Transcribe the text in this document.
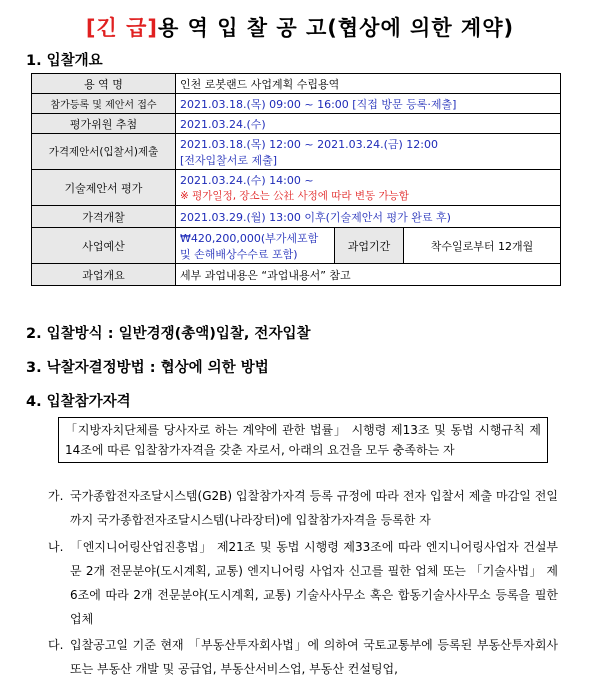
[긴 급]용 역 입 찰 공 고(협상에 의한 계약)
1. 입찰개요
용 역 명	인천 로봇랜드 사업계획 수립용역		
참가등록 및 제안서 접수	2021.03.18.(목) 09:00 ~ 16:00 [직접 방문 등록·제출]		
평가위원 추첨	2021.03.24.(수)		
가격제안서(입찰서)제출	2021.03.18.(목) 12:00 ~ 2021.03.24.(금) 12:00
[전자입찰서로 제출]		

기술제안서 평가	2021.03.24.(수) 14:00 ~
※ 평가일정, 장소는 公社 사정에 따라 변동 가능함		

가격개찰	2021.03.29.(월) 13:00 이후(기술제안서 평가 완료 후)		
사업예산	₩420,200,000(부가세포함
및 손해배상수수료 포함)	과업기간	착수일로부터 12개월
과업개요	세부 과업내용은 “과업내용서” 참고		
2. 입찰방식 : 일반경쟁(총액)입찰, 전자입찰
3. 낙찰자결정방법 : 협상에 의한 방법
4. 입찰참가자격
「지방자치단체를 당사자로 하는 계약에 관한 법률」 시행령 제13조 및 동법 시행규칙 제14조에 따른 입찰참가자격을 갖춘 자로서, 아래의 요건을 모두 충족하는 자
가. 국가종합전자조달시스템(G2B) 입찰참가자격 등록 규정에 따라 전자 입찰서 제출 마감일 전일까지 국가종합전자조달시스템(나라장터)에 입찰참가자격을 등록한 자
나. 「엔지니어링산업진흥법」 제21조 및 동법 시행령 제33조에 따라 엔지니어링사업자 건설부문 2개 전문분야(도시계획, 교통) 엔지니어링 사업자 신고를 필한 업체 또는 「기술사법」 제6조에 따라 2개 전문분야(도시계획, 교통) 기술사사무소 혹은 합동기술사사무소 등록을 필한 업체
다. 입찰공고일 기준 현재 「부동산투자회사법」에 의하여 국토교통부에 등록된 부동산투자회사 또는 부동산 개발 및 공급업, 부동산서비스업, 부동산 컨설팅업,
